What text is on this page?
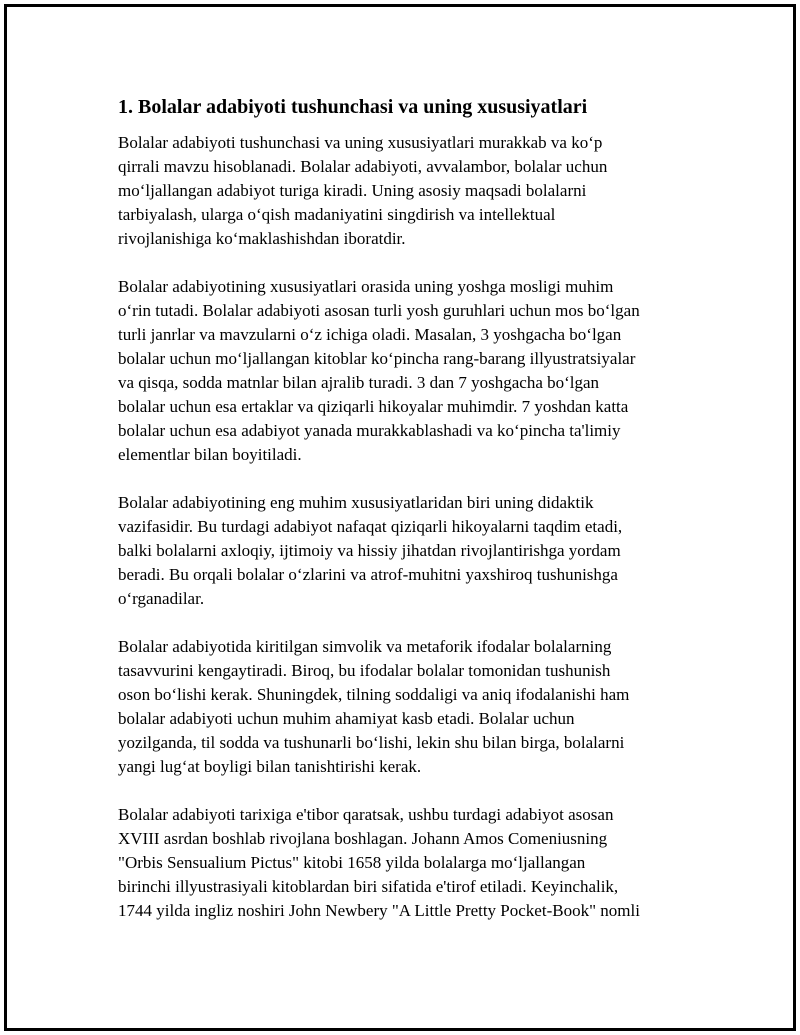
1. Bolalar adabiyoti tushunchasi va uning xususiyatlari

Bolalar adabiyoti tushunchasi va uning xususiyatlari murakkab va ko‘p
qirrali mavzu hisoblanadi. Bolalar adabiyoti, avvalambor, bolalar uchun
mo‘ljallangan adabiyot turiga kiradi. Uning asosiy maqsadi bolalarni
tarbiyalash, ularga o‘qish madaniyatini singdirish va intellektual
rivojlanishiga ko‘maklashishdan iboratdir.

Bolalar adabiyotining xususiyatlari orasida uning yoshga mosligi muhim
o‘rin tutadi. Bolalar adabiyoti asosan turli yosh guruhlari uchun mos bo‘lgan
turli janrlar va mavzularni o‘z ichiga oladi. Masalan, 3 yoshgacha bo‘lgan
bolalar uchun mo‘ljallangan kitoblar ko‘pincha rang-barang illyustratsiyalar
va qisqa, sodda matnlar bilan ajralib turadi. 3 dan 7 yoshgacha bo‘lgan
bolalar uchun esa ertaklar va qiziqarli hikoyalar muhimdir. 7 yoshdan katta
bolalar uchun esa adabiyot yanada murakkablashadi va ko‘pincha ta'limiy
elementlar bilan boyitiladi.

Bolalar adabiyotining eng muhim xususiyatlaridan biri uning didaktik
vazifasidir. Bu turdagi adabiyot nafaqat qiziqarli hikoyalarni taqdim etadi,
balki bolalarni axloqiy, ijtimoiy va hissiy jihatdan rivojlantirishga yordam
beradi. Bu orqali bolalar o‘zlarini va atrof-muhitni yaxshiroq tushunishga
o‘rganadilar.

Bolalar adabiyotida kiritilgan simvolik va metaforik ifodalar bolalarning
tasavvurini kengaytiradi. Biroq, bu ifodalar bolalar tomonidan tushunish
oson bo‘lishi kerak. Shuningdek, tilning soddaligi va aniq ifodalanishi ham
bolalar adabiyoti uchun muhim ahamiyat kasb etadi. Bolalar uchun
yozilganda, til sodda va tushunarli bo‘lishi, lekin shu bilan birga, bolalarni
yangi lug‘at boyligi bilan tanishtirishi kerak.

Bolalar adabiyoti tarixiga e'tibor qaratsak, ushbu turdagi adabiyot asosan
XVIII asrdan boshlab rivojlana boshlagan. Johann Amos Comeniusning
"Orbis Sensualium Pictus" kitobi 1658 yilda bolalarga mo‘ljallangan
birinchi illyustrasiyali kitoblardan biri sifatida e'tirof etiladi. Keyinchalik,
1744 yilda ingliz noshiri John Newbery "A Little Pretty Pocket-Book" nomli
